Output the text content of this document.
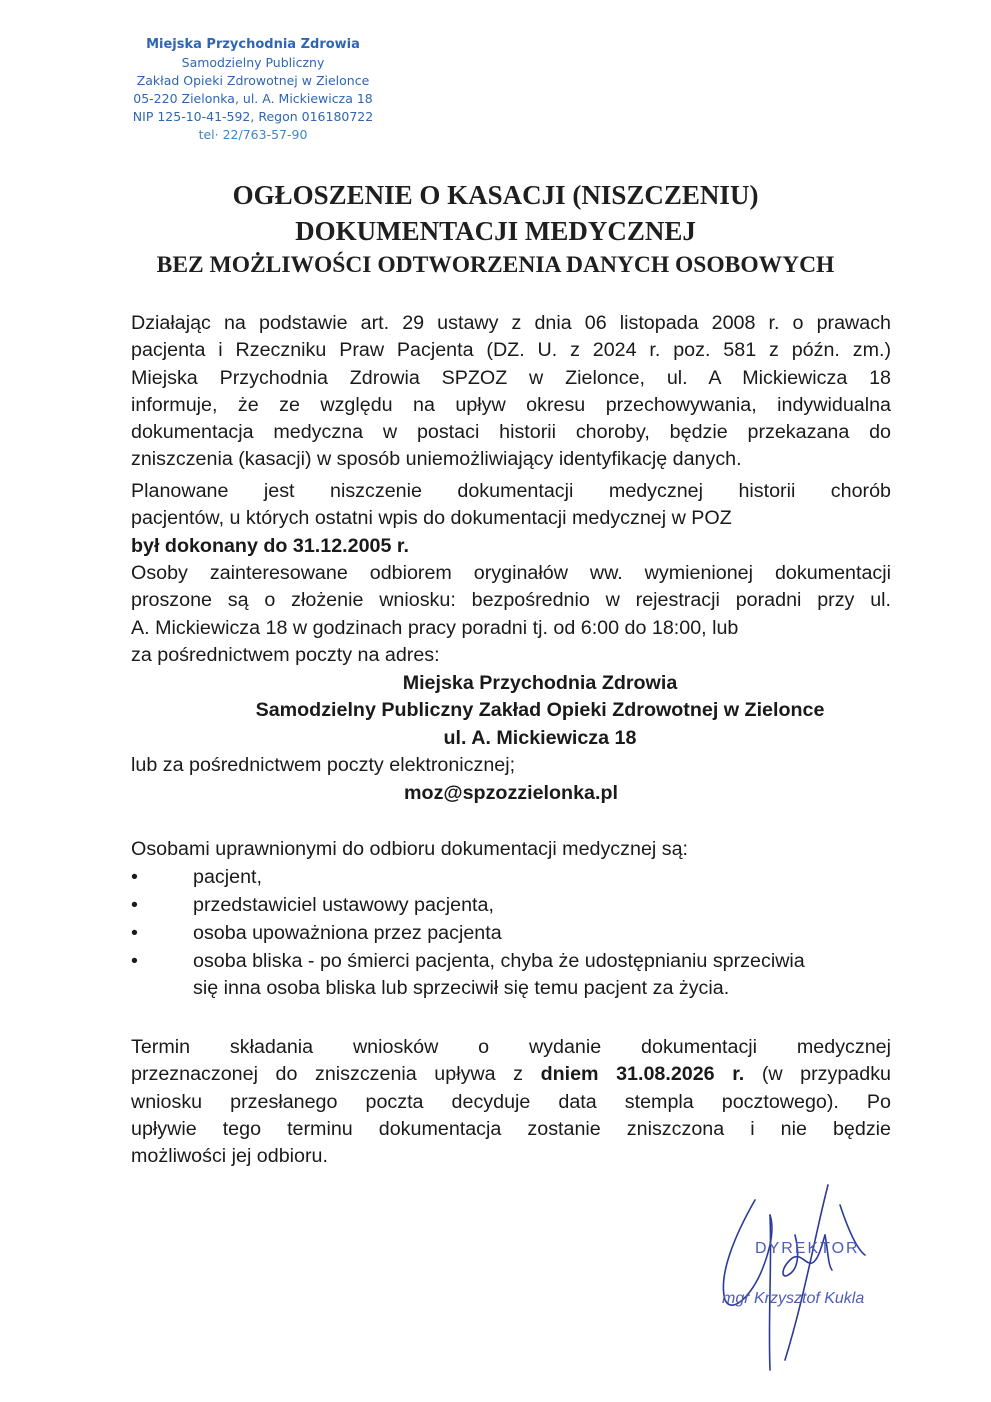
Miejska Przychodnia Zdrowia
Samodzielny Publiczny
Zakład Opieki Zdrowotnej w Zielonce
05-220 Zielonka, ul. A. Mickiewicza 18
NIP 125-10-41-592, Regon 016180722
tel· 22/763-57-90
OGŁOSZENIE O KASACJI (NISZCZENIU)
DOKUMENTACJI MEDYCZNEJ
BEZ MOŻLIWOŚCI ODTWORZENIA DANYCH OSOBOWYCH
Działając na podstawie art. 29 ustawy z dnia 06 listopada 2008 r. o prawach
pacjenta i Rzeczniku Praw Pacjenta (DZ. U. z 2024 r. poz. 581 z późn. zm.)
Miejska Przychodnia Zdrowia SPZOZ w Zielonce, ul. A Mickiewicza 18
informuje, że ze względu na upływ okresu przechowywania, indywidualna
dokumentacja medyczna w postaci historii choroby, będzie przekazana do
zniszczenia (kasacji) w sposób uniemożliwiający identyfikację danych.
Planowane jest niszczenie dokumentacji medycznej historii chorób
pacjentów, u których ostatni wpis do dokumentacji medycznej w POZ
był dokonany do 31.12.2005 r.
Osoby zainteresowane odbiorem oryginałów ww. wymienionej dokumentacji
proszone są o złożenie wniosku: bezpośrednio w rejestracji poradni przy ul.
A. Mickiewicza 18 w godzinach pracy poradni tj. od 6:00 do 18:00, lub
za pośrednictwem poczty na adres:
lub za pośrednictwem poczty elektronicznej;
moz@spzozzielonka.pl
Osobami uprawnionymi do odbioru dokumentacji medycznej są:
•	pacjent,
•	przedstawiciel ustawowy pacjenta,
•	osoba upoważniona przez pacjenta
•	osoba bliska - po śmierci pacjenta, chyba że udostępnianiu sprzeciwia
się inna osoba bliska lub sprzeciwił się temu pacjent za życia.
Termin składania wniosków o wydanie dokumentacji medycznej
przeznaczonej do zniszczenia upływa z dniem 31.08.2026 r. (w przypadku
wniosku przesłanego poczta decyduje data stempla pocztowego). Po
upływie tego terminu dokumentacja zostanie zniszczona i nie będzie
możliwości jej odbioru.
DYREKTOR
mgr Krzysztof Kukla
Miejska Przychodnia Zdrowia
Samodzielny Publiczny Zakład Opieki Zdrowotnej w Zielonce
ul. A. Mickiewicza 18
